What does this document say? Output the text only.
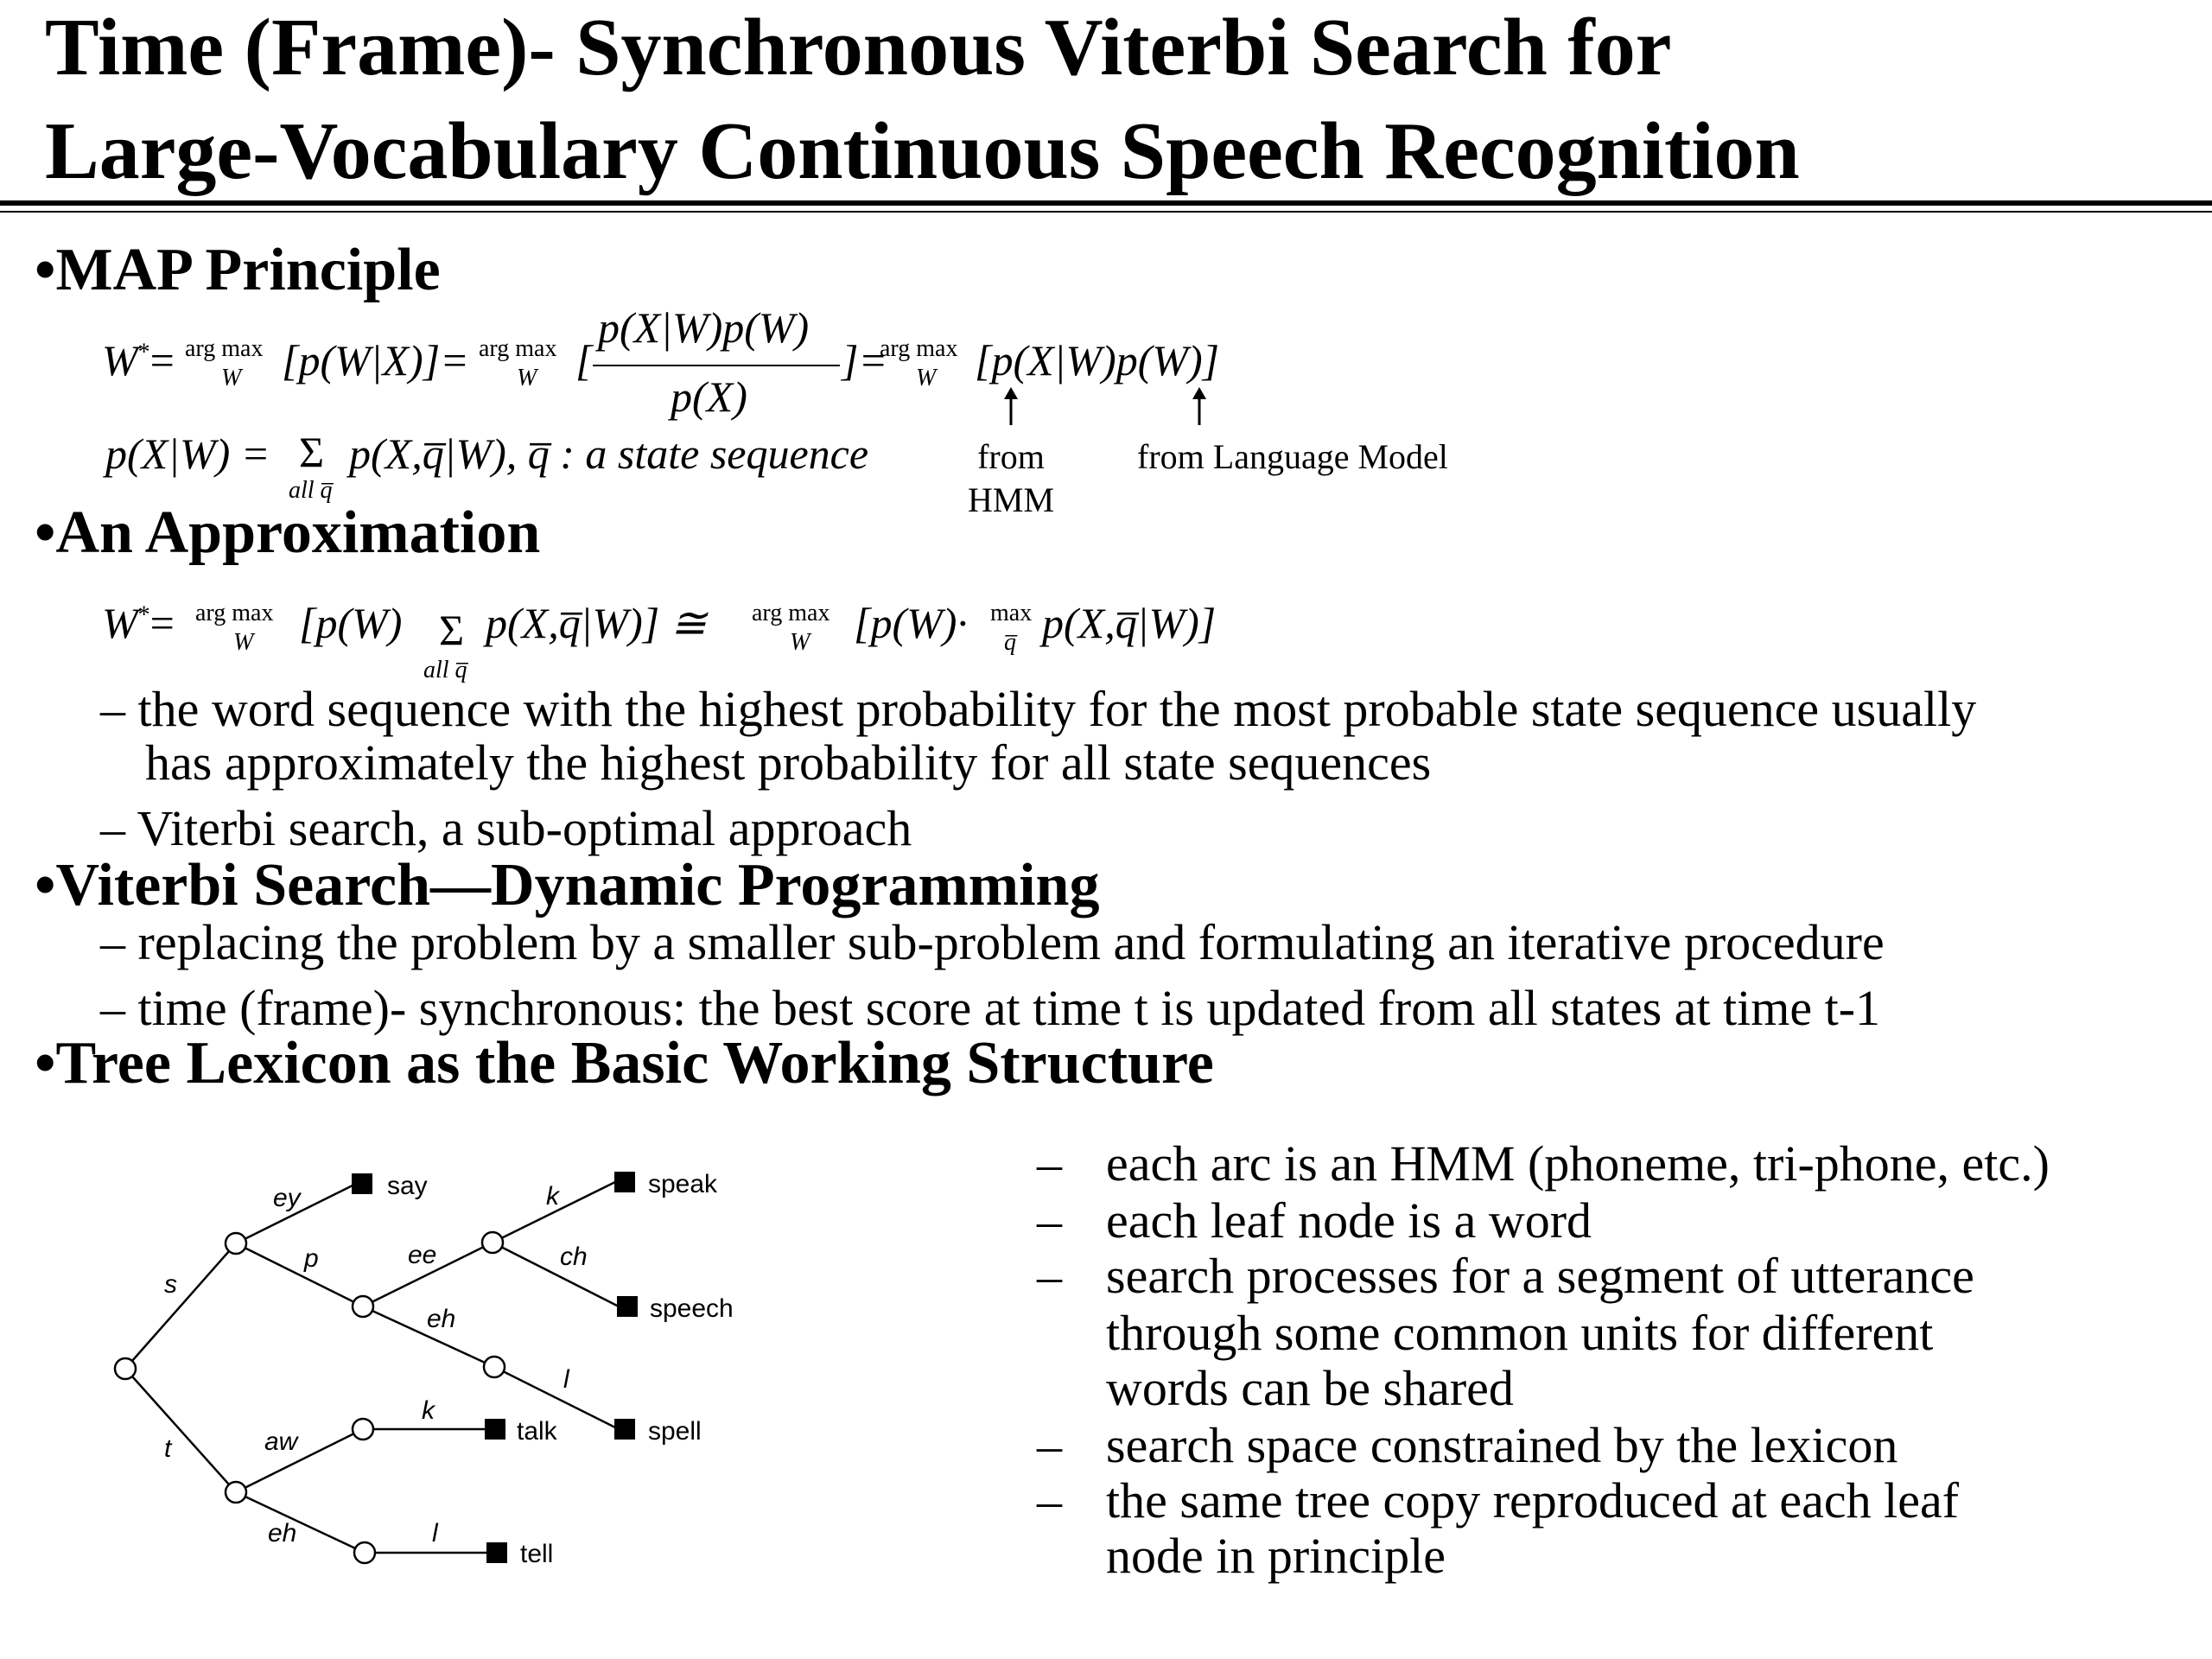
Time (Frame)- Synchronous Viterbi Search for
Large-Vocabulary Continuous Speech Recognition
•MAP Principle
W*= arg max
W [p(W|X)]= arg max
W [
p(X|W)p(W)
p(X)
]=
arg max
W [p(X|W)p(W)]
p(X|W) = Σ
all q̅
p(X,q̅|W), q̅ : a state sequence	from
HMM
from Language Model
•An Approximation
W*= arg max
W [p(W) Σ
all q̅
p(X,q̅|W)] ≅ arg max
W [p(W)· max
q̅ p(X,q̅|W)]
– the word sequence with the highest probability for the most probable state sequence usually
has approximately the highest probability for all state sequences
– Viterbi search, a sub-optimal approach
•Viterbi Search—Dynamic Programming
– replacing the problem by a smaller sub-problem and formulating an iterative procedure
– time (frame)- synchronous: the best score at time t is updated from all states at time t-1
•Tree Lexicon as the Basic Working Structure
s
t
ey
p	ee
eh
k
ch
l
aw
eh
k
l
say	speak
speech
spell
talk
tell
– each arc is an HMM (phoneme, tri-phone, etc.)
– each leaf node is a word
– search processes for a segment of utterance
through some common units for different
words can be shared
– search space constrained by the lexicon
– the same tree copy reproduced at each leaf
node in principle
